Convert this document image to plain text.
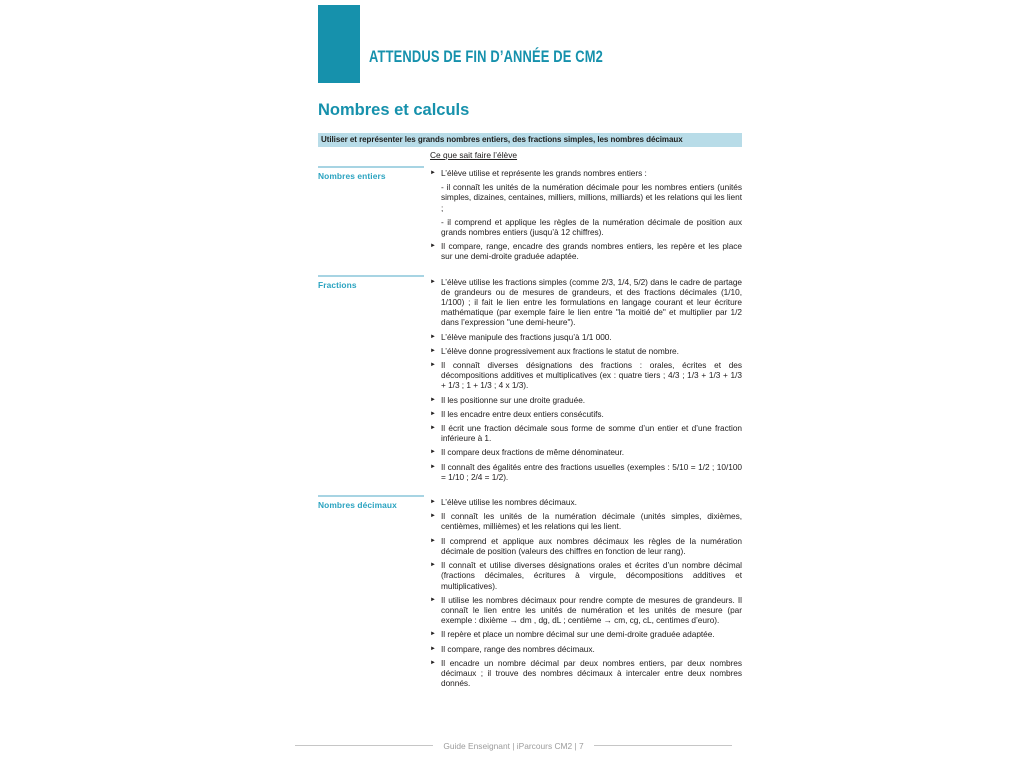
ATTENDUS DE FIN D’ANNÉE DE CM2
Nombres et calculs
Utiliser et représenter les grands nombres entiers, des fractions simples, les nombres décimaux
Ce que sait faire l’élève
Nombres entiers	► L’élève utilise et représente les grands nombres entiers :

- il connaît les unités de la numération décimale pour les nombres entiers (unités simples, dizaines, centaines, milliers, millions, milliards) et les relations qui les lient ;

- il comprend et applique les règles de la numération décimale de position aux grands nombres entiers (jusqu’à 12 chiffres).

► Il compare, range, encadre des grands nombres entiers, les repère et les place sur une demi-droite graduée adaptée.

Fractions	► L’élève utilise les fractions simples (comme 2/3, 1/4, 5/2) dans le cadre de partage de grandeurs ou de mesures de grandeurs, et des fractions décimales (1/10, 1/100) ; il fait le lien entre les formulations en langage courant et leur écriture mathématique (par exemple faire le lien entre "la moitié de" et multiplier par 1/2 dans l’expression "une demi-heure").

► L’élève manipule des fractions jusqu’à 1/1 000.

► L’élève donne progressivement aux fractions le statut de nombre.

► Il connaît diverses désignations des fractions : orales, écrites et des décompositions additives et multiplicatives (ex : quatre tiers ; 4/3 ; 1/3 + 1/3 + 1/3 + 1/3 ; 1 + 1/3 ; 4 x 1/3).

► Il les positionne sur une droite graduée.

► Il les encadre entre deux entiers consécutifs.

► Il écrit une fraction décimale sous forme de somme d’un entier et d’une fraction inférieure à 1.

► Il compare deux fractions de même dénominateur.

► Il connaît des égalités entre des fractions usuelles (exemples : 5/10 = 1/2 ; 10/100 = 1/10 ; 2/4 = 1/2).

Nombres décimaux	► L’élève utilise les nombres décimaux.

► Il connaît les unités de la numération décimale (unités simples, dixièmes, centièmes, millièmes) et les relations qui les lient.

► Il comprend et applique aux nombres décimaux les règles de la numération décimale de position (valeurs des chiffres en fonction de leur rang).

► Il connaît et utilise diverses désignations orales et écrites d’un nombre décimal (fractions décimales, écritures à virgule, décompositions additives et multiplicatives).

► Il utilise les nombres décimaux pour rendre compte de mesures de grandeurs. Il connaît le lien entre les unités de numération et les unités de mesure (par exemple : dixième → dm , dg, dL ; centième → cm, cg, cL, centimes d’euro).

► Il repère et place un nombre décimal sur une demi-droite graduée adaptée.

► Il compare, range des nombres décimaux.

► Il encadre un nombre décimal par deux nombres entiers, par deux nombres décimaux ; il trouve des nombres décimaux à intercaler entre deux nombres donnés.

Guide Enseignant | iParcours CM2 | 7
